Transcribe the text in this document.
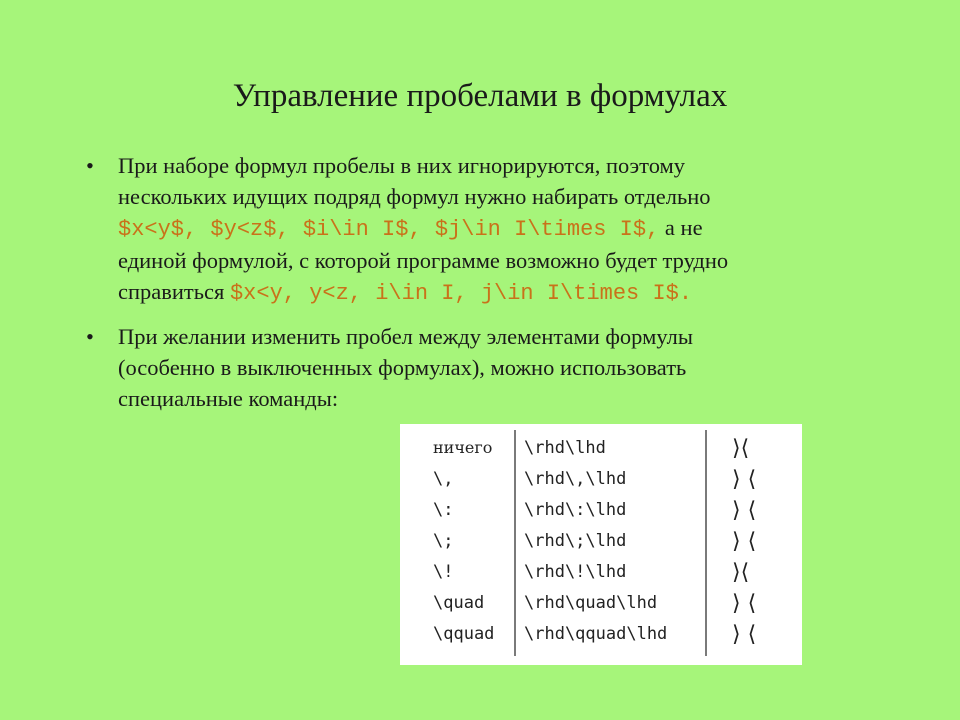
Управление пробелами в формулах
• При наборе формул пробелы в них игнорируются, поэтому
нескольких идущих подряд формул нужно набирать отдельно
$x<y$, $y<z$, $i\in I$, $j\in I\times I$, а не
единой формулой, с которой программе возможно будет трудно
справиться $x<y, y<z, i\in I, j\in I\times I$.
• При желании изменить пробел между элементами формулы
(особенно в выключенных формулах), можно использовать
специальные команды:
ничего \rhd\lhd	⟩⟨
\,	\rhd\,\lhd	⟩ ⟨
\:	\rhd\:\lhd	⟩ ⟨
\;	\rhd\;\lhd	⟩ ⟨
\!	\rhd\!\lhd	⟩⟨
\quad \rhd\quad\lhd	⟩ ⟨
\qquad \rhd\qquad\lhd	⟩ ⟨
